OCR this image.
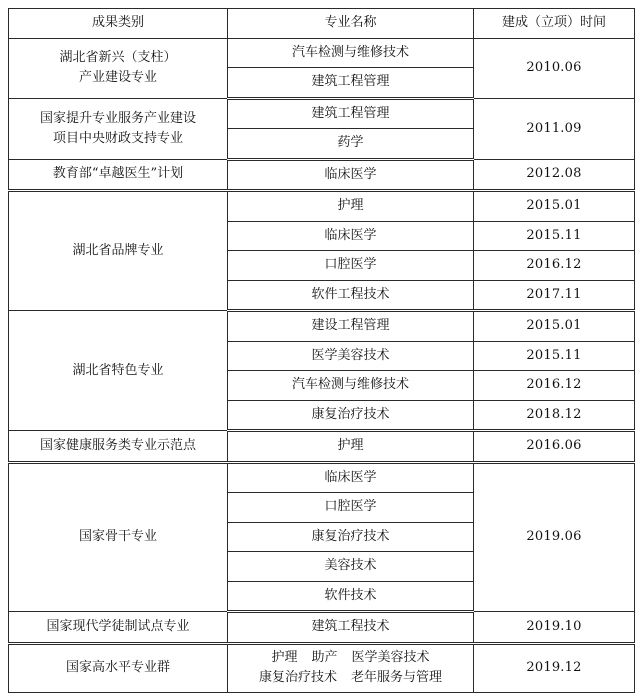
成果类别	专业名称	建成（立项）时间

湖北省新兴（支柱）
产业建设专业	汽车检测与维修技术	2010.06
	建筑工程管理	

国家提升专业服务产业建设
项目中央财政支持专业	建筑工程管理	2011.09
	药学	
教育部“卓越医生”计划	临床医学	2012.08
湖北省品牌专业	护理	2015.01
	临床医学	2015.11
	口腔医学	2016.12
	软件工程技术	2017.11
湖北省特色专业	建设工程管理	2015.01
	医学美容技术	2015.11
	汽车检测与维修技术	2016.12
	康复治疗技术	2018.12
国家健康服务类专业示范点	护理	2016.06
国家骨干专业	临床医学	2019.06
	口腔医学	
	康复治疗技术	
	美容技术	
	软件技术	
国家现代学徒制试点专业	建筑工程技术	2019.10
国家高水平专业群	护理 助产 医学美容技术
康复治疗技术 老年服务与管理	2019.12
